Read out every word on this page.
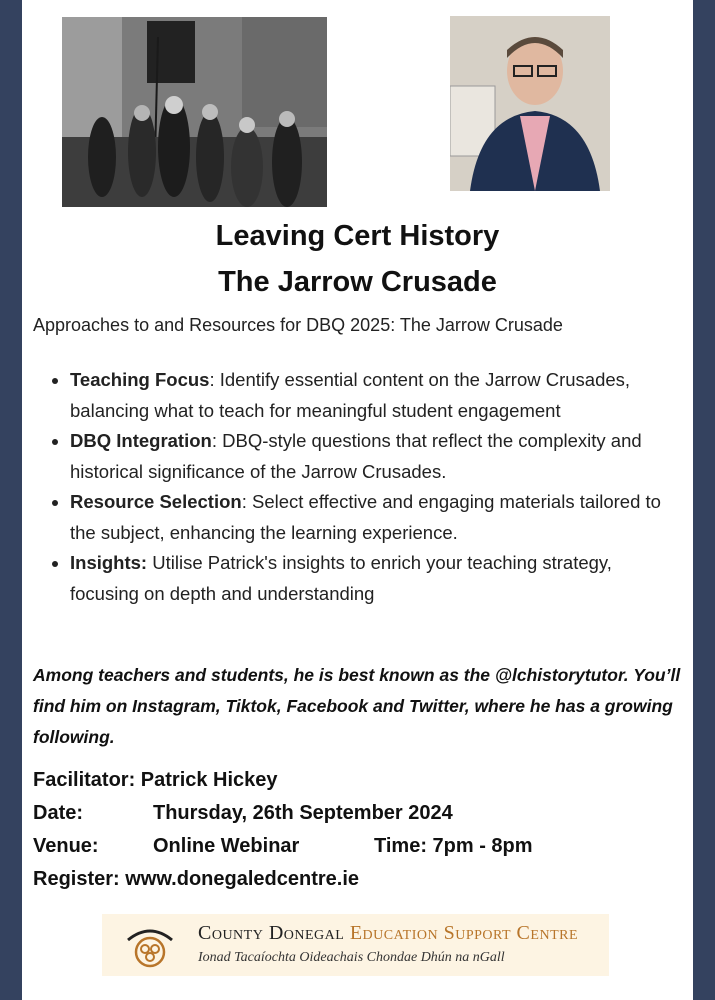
Leaving Cert History
The Jarrow Crusade
Approaches to and Resources for DBQ 2025: The Jarrow Crusade
• Teaching Focus: Identify essential content on the Jarrow Crusades, balancing what to teach for meaningful student engagement
• DBQ Integration: DBQ-style questions that reflect the complexity and historical significance of the Jarrow Crusades.
• Resource Selection: Select effective and engaging materials tailored to the subject, enhancing the learning experience.
• Insights: Utilise Patrick's insights to enrich your teaching strategy, focusing on depth and understanding
Among teachers and students, he is best known as the @lchistorytutor. You’ll find him on Instagram, Tiktok, Facebook and Twitter, where he has a growing following.
Facilitator: Patrick Hickey
Date:	Thursday, 26th September 2024
Venue:	Online Webinar	Time: 7pm - 8pm
Register: www.donegaledcentre.ie
County Donegal Education Support Centre
Ionad Tacaíochta Oideachais Chondae Dhún na nGall
